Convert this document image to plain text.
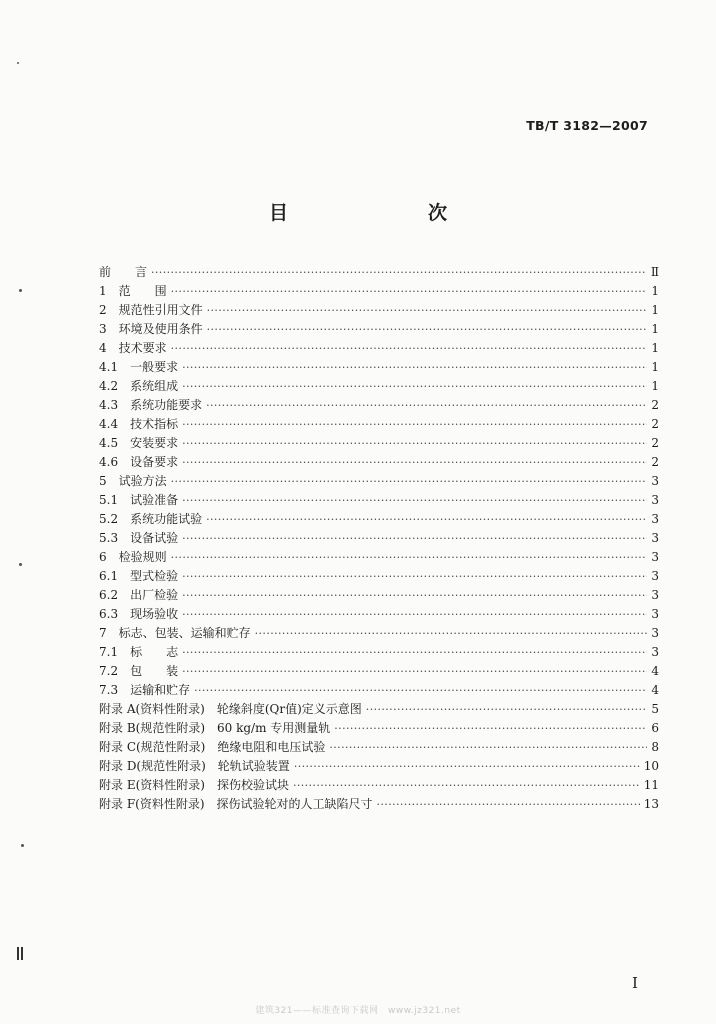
TB/T 3182—2007
目　　次
前　　言 ·····	Ⅱ
1　范　　围 ·····	1
2　规范性引用文件 ·····	1
3　环境及使用条件 ·····	1
4　技术要求 ·····	1
4.1　一般要求 ·····	1
4.2　系统组成 ·····	1
4.3　系统功能要求 ·····	2
4.4　技术指标 ·····	2
4.5　安装要求 ·····	2
4.6　设备要求 ·····	2
5　试验方法 ·····	3
5.1　试验准备 ·····	3
5.2　系统功能试验 ·····	3
5.3　设备试验 ·····	3
6　检验规则 ·····	3
6.1　型式检验 ·····	3
6.2　出厂检验 ·····	3
6.3　现场验收 ·····	3
7　标志、包装、运输和贮存 ·····	3
7.1　标　　志 ·····	3
7.2　包　　装 ·····	4
7.3　运输和贮存 ·····	4
附录 A(资料性附录)　轮缘斜度(Qr值)定义示意图 ·····	5
附录 B(规范性附录)　60 kg/m 专用测量轨 ·····	6
附录 C(规范性附录)　绝缘电阻和电压试验 ·····	8
附录 D(规范性附录)　轮轨试验装置 ·····	10
附录 E(资料性附录)　探伤校验试块 ·····	11
附录 F(资料性附录)　探伤试验轮对的人工缺陷尺寸 ·····	13
Ⅰ
建筑321——标准查询下载网　www.jz321.net
